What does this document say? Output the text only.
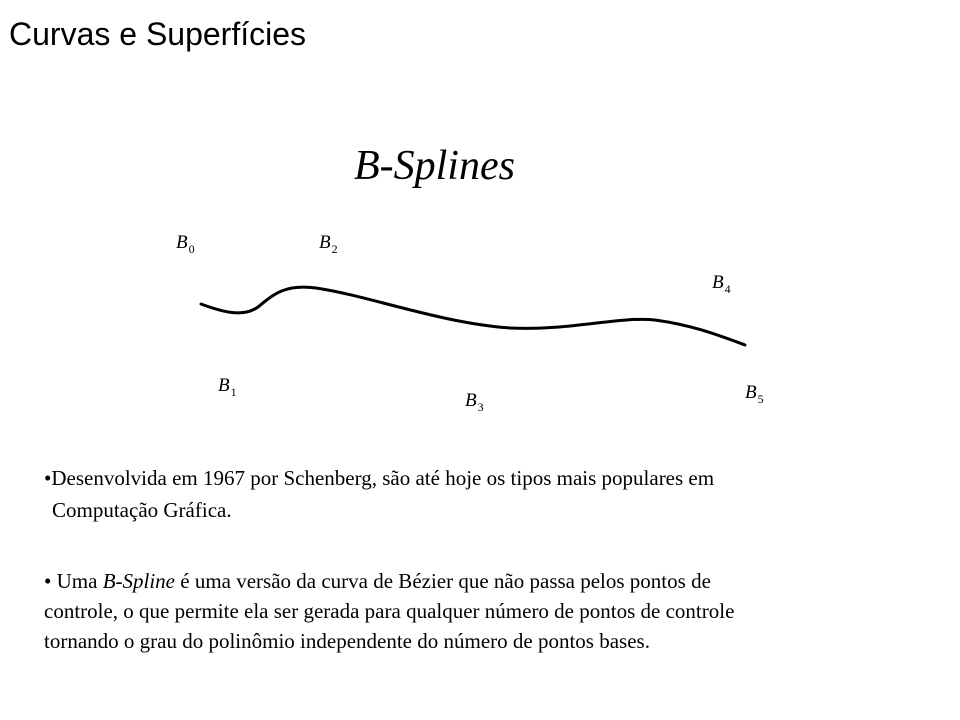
Curvas e Superfícies
B-Splines
$B_0$
$B_1$
$B_2$
$B_3$
$B_4$
$B_5$
•Desenvolvida em 1967 por Schenberg, são até hoje os tipos mais populares em
Computação Gráfica.
• Uma B-Spline é uma versão da curva de Bézier que não passa pelos pontos de
controle, o que permite ela ser gerada para qualquer número de pontos de controle
tornando o grau do polinômio independente do número de pontos bases.
